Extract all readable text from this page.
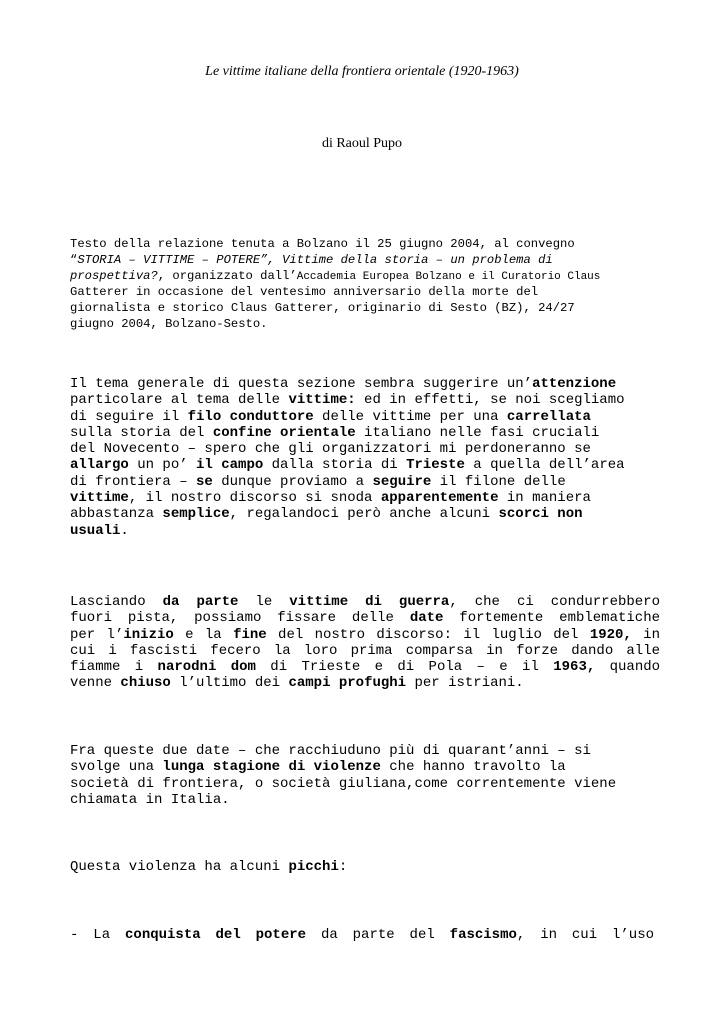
Le vittime italiane della frontiera orientale (1920-1963)
di Raoul Pupo
Testo della relazione tenuta a Bolzano il 25 giugno 2004, al convegno
“STORIA – VITTIME – POTERE”, Vittime della storia – un problema di
prospettiva?, organizzato dall’Accademia Europea Bolzano e il Curatorio Claus
Gatterer in occasione del ventesimo anniversario della morte del
giornalista e storico Claus Gatterer, originario di Sesto (BZ), 24/27
giugno 2004, Bolzano-Sesto.
Il tema generale di questa sezione sembra suggerire un’attenzione
particolare al tema delle vittime: ed in effetti, se noi scegliamo
di seguire il filo conduttore delle vittime per una carrellata
sulla storia del confine orientale italiano nelle fasi cruciali
del Novecento – spero che gli organizzatori mi perdoneranno se
allargo un po’ il campo dalla storia di Trieste a quella dell’area
di frontiera – se dunque proviamo a seguire il filone delle
vittime, il nostro discorso si snoda apparentemente in maniera
abbastanza semplice, regalandoci però anche alcuni scorci non
usuali.
Lasciando da parte le vittime di guerra, che ci condurrebbero
fuori pista, possiamo fissare delle date fortemente emblematiche
per l’inizio e la fine del nostro discorso: il luglio del 1920, in
cui i fascisti fecero la loro prima comparsa in forze dando alle
fiamme i narodni dom di Trieste e di Pola – e il 1963, quando
venne chiuso l’ultimo dei campi profughi per istriani.
Fra queste due date – che racchiuduno più di quarant’anni – si
svolge una lunga stagione di violenze che hanno travolto la
società di frontiera, o società giuliana,come correntemente viene
chiamata in Italia.
Questa violenza ha alcuni picchi:
- La conquista del potere da parte del fascismo, in cui l’uso
